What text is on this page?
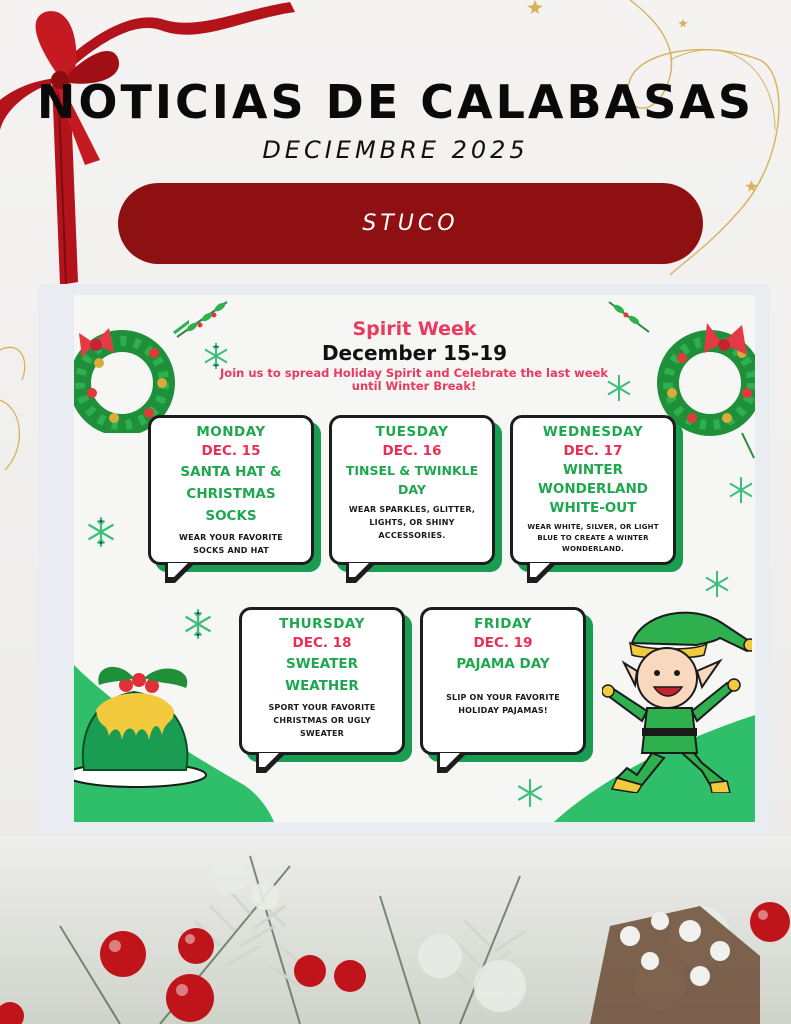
NOTICIAS DE CALABASAS
DECIEMBRE 2025
STUCO
Spirit Week
December 15-19
Join us to spread Holiday Spirit and Celebrate the last week until Winter Break!
MONDAY
DEC. 15
SANTA HAT &
CHRISTMAS
SOCKS
WEAR YOUR FAVORITE
SOCKS AND HAT
TUESDAY
DEC. 16
TINSEL & TWINKLE
DAY
WEAR SPARKLES, GLITTER,
LIGHTS, OR SHINY
ACCESSORIES.
WEDNESDAY
DEC. 17
WINTER
WONDERLAND
WHITE-OUT
WEAR WHITE, SILVER, OR LIGHT
BLUE TO CREATE A WINTER
WONDERLAND.
THURSDAY
DEC. 18
SWEATER
WEATHER
SPORT YOUR FAVORITE
CHRISTMAS OR UGLY
SWEATER
FRIDAY
DEC. 19
PAJAMA DAY
SLIP ON YOUR FAVORITE
HOLIDAY PAJAMAS!
